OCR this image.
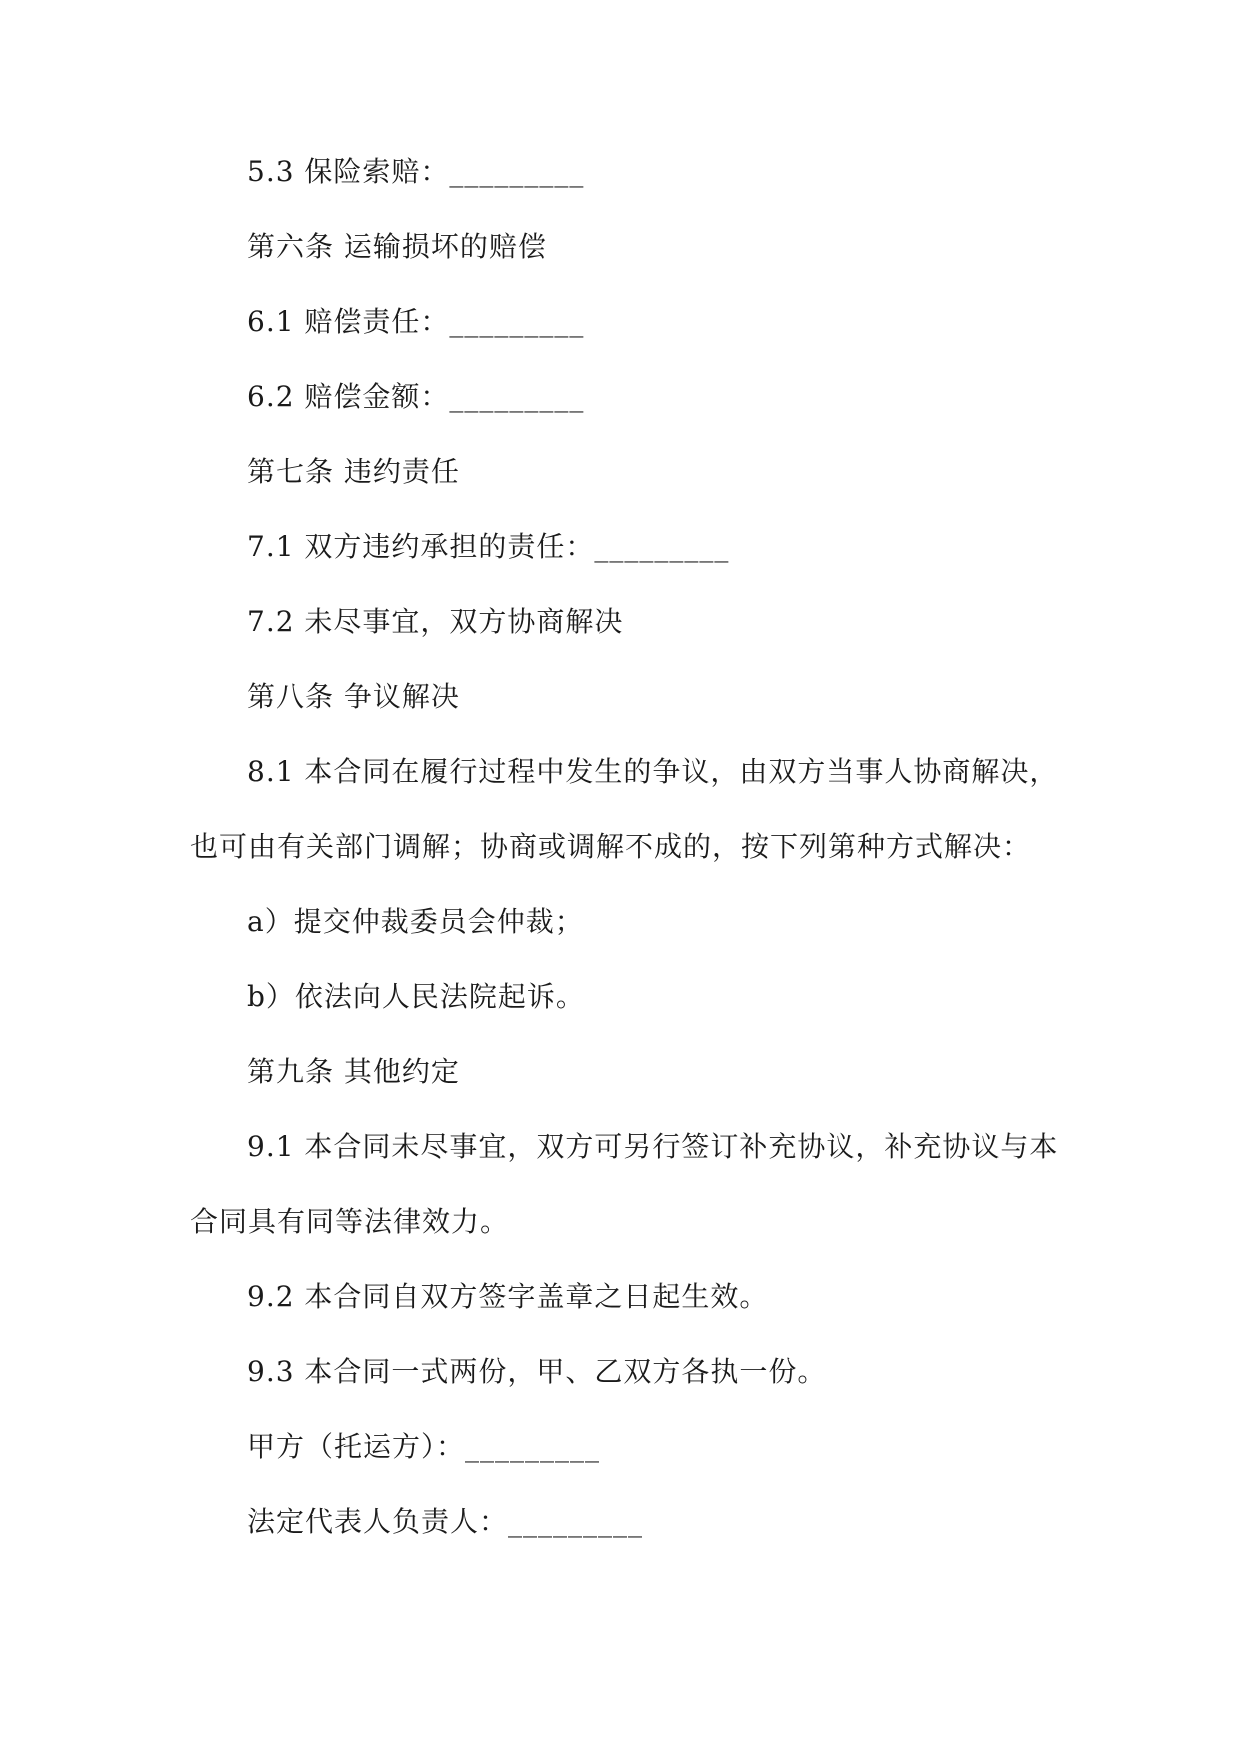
5.3 保险索赔：_________
第六条 运输损坏的赔偿
6.1 赔偿责任：_________
6.2 赔偿金额：_________
第七条 违约责任
7.1 双方违约承担的责任：_________
7.2 未尽事宜，双方协商解决
第八条 争议解决
8.1 本合同在履行过程中发生的争议，由双方当事人协商解决，
也可由有关部门调解；协商或调解不成的，按下列第种方式解决：
a）提交仲裁委员会仲裁；
b）依法向人民法院起诉。
第九条 其他约定
9.1 本合同未尽事宜，双方可另行签订补充协议，补充协议与本
合同具有同等法律效力。
9.2 本合同自双方签字盖章之日起生效。
9.3 本合同一式两份，甲、乙双方各执一份。
甲方（托运方）：_________
法定代表人负责人：_________
